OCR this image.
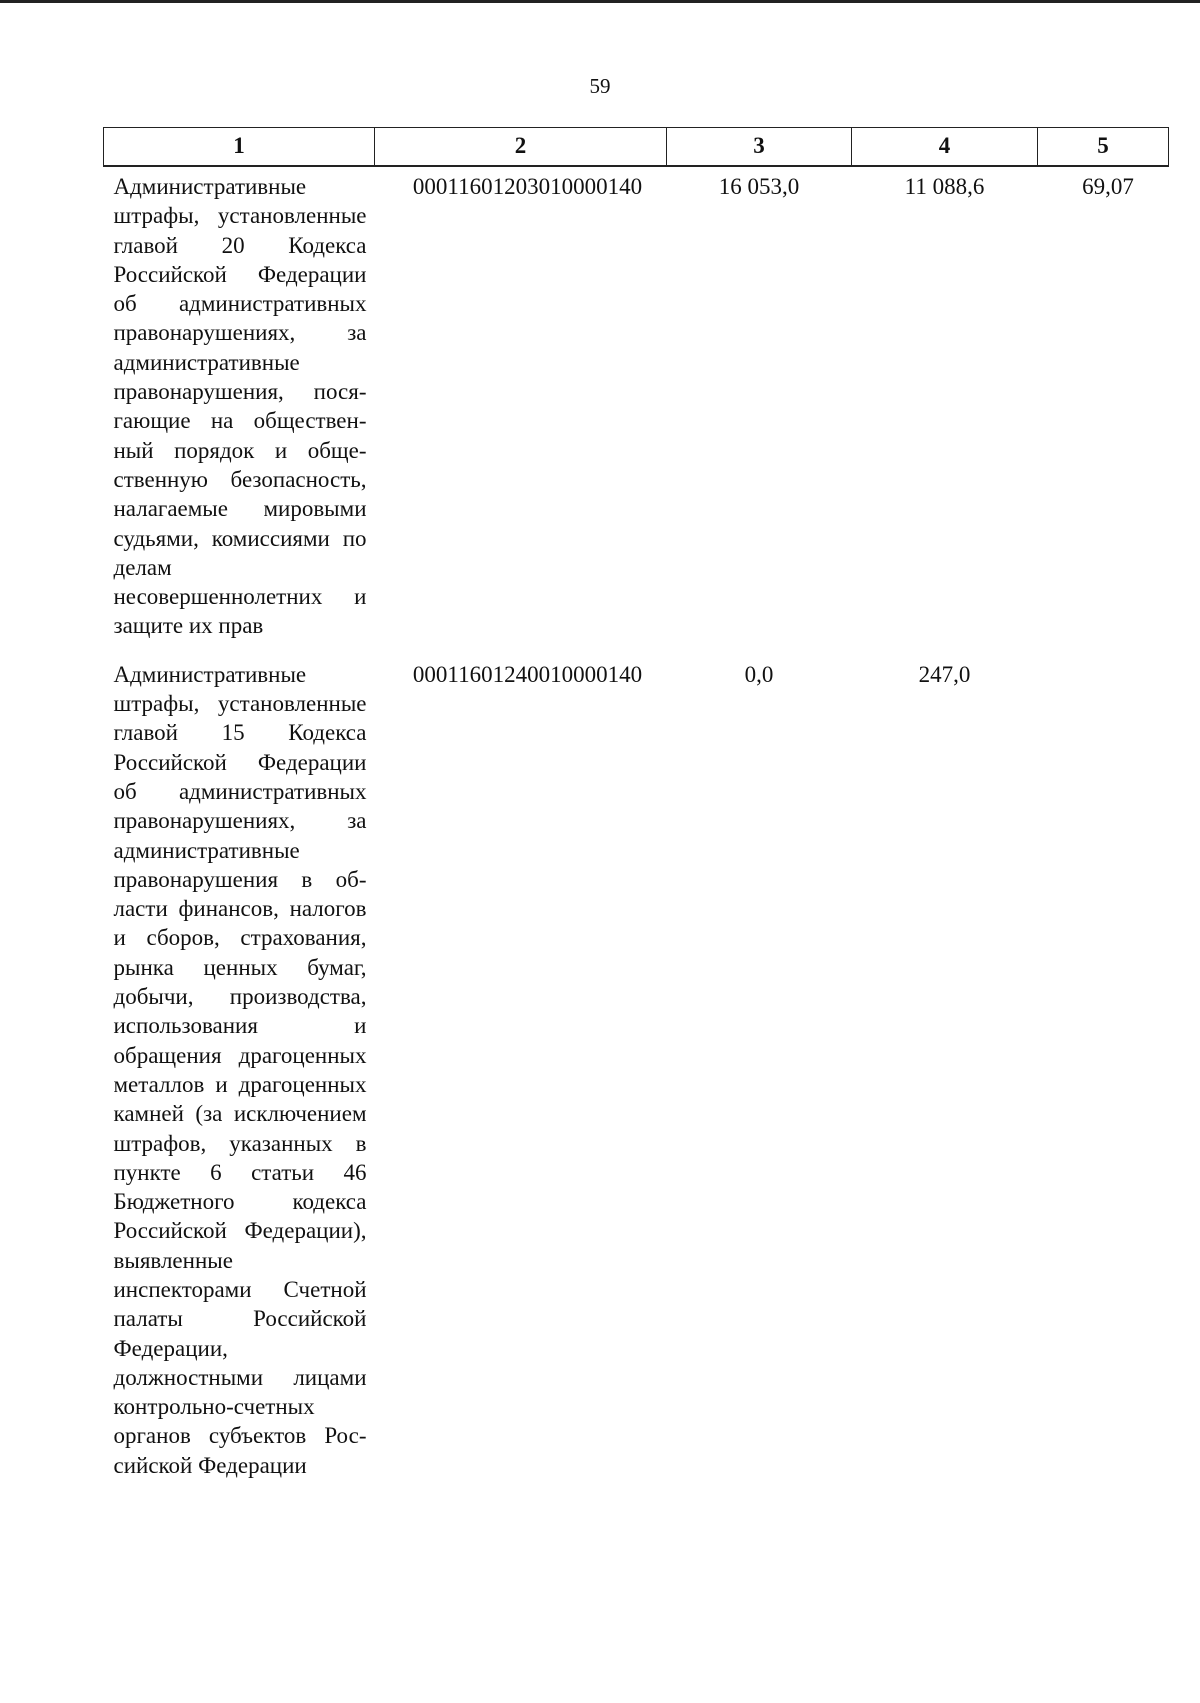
59
1	2	3	4	5
Административные штрафы, установленные главой 20 Кодекса Российской Федерации об административных правонарушениях, за административные правонарушения, посягающие на общественный порядок и общественную безопасность, налагаемые мировыми судьями, комиссиями по делам несовершеннолетних и защите их прав	00011601203010000140	16 053,0	11 088,6	69,07
Административные штрафы, установленные главой 15 Кодекса Российской Федерации об административных правонарушениях, за административные правонарушения в области финансов, налогов и сборов, страхования, рынка ценных бумаг, добычи, производства, использования и обращения драгоценных металлов и драгоценных камней (за исключением штрафов, указанных в пункте 6 статьи 46 Бюджетного кодекса Российской Федерации), выявленные инспекторами Счетной палаты Российской Федерации, должностными лицами контрольно-счетных органов субъектов Российской Федерации	00011601240010000140	0,0	247,0	
